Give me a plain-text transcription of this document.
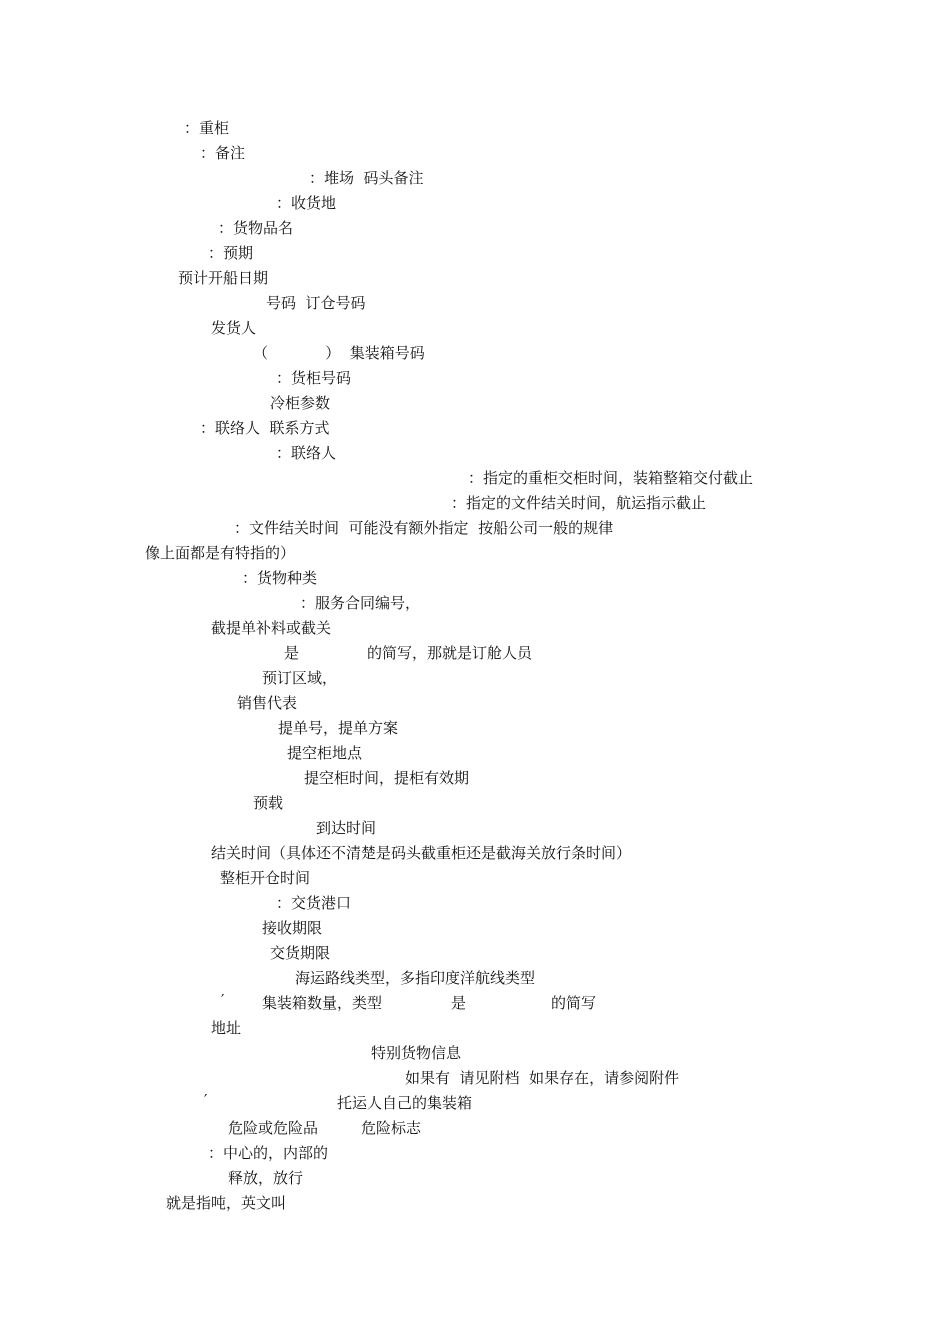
：重柜
：备注
：堆场  码头备注
：收货地
：货物品名
：预期
预计开船日期
号码  订仓号码
发货人
（            ）  集装箱号码
：货柜号码
冷柜参数
：联络人  联系方式
：联络人
：指定的重柜交柜时间，装箱整箱交付截止
：指定的文件结关时间，航运指示截止
：文件结关时间  可能没有额外指定  按船公司一般的规律
像上面都是有特指的）
：货物种类
：服务合同编号，
截提单补料或截关
是	的简写，那就是订舱人员
预订区域，
销售代表
提单号，提单方案
提空柜地点
提空柜时间，提柜有效期
预载
到达时间
结关时间（具体还不清楚是码头截重柜还是截海关放行条时间）
整柜开仓时间
：交货港口
接收期限
交货期限
海运路线类型，多指印度洋航线类型
′	集装箱数量，类型	是	的简写
地址
特别货物信息
如果有  请见附档  如果存在，请参阅附件
′	托运人自己的集装箱
危险或危险品	危险标志
：中心的，内部的
释放，放行
就是指吨，英文叫
